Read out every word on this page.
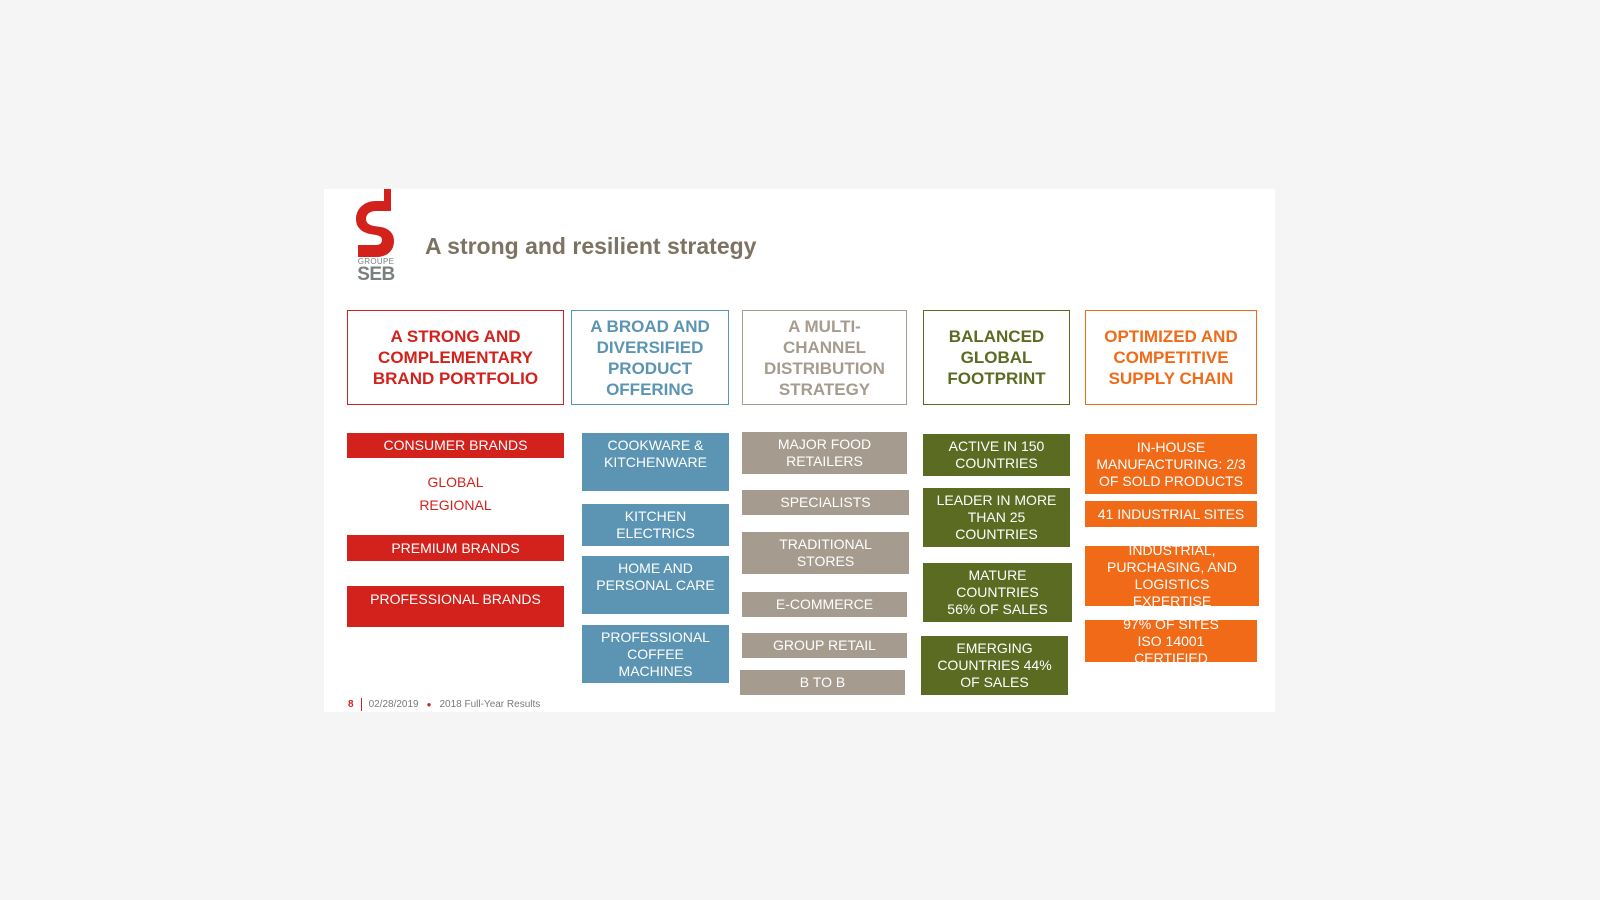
GROUPE
SEB
A strong and resilient strategy
A STRONG AND COMPLEMENTARY BRAND PORTFOLIO
CONSUMER BRANDS
GLOBAL
REGIONAL
PREMIUM BRANDS
PROFESSIONAL BRANDS
A BROAD AND DIVERSIFIED PRODUCT OFFERING
COOKWARE & KITCHENWARE
KITCHEN ELECTRICS
HOME AND PERSONAL CARE
PROFESSIONAL COFFEE MACHINES
A MULTI-CHANNEL DISTRIBUTION STRATEGY
MAJOR FOOD RETAILERS
SPECIALISTS
TRADITIONAL STORES
E-COMMERCE
GROUP RETAIL
B TO B
BALANCED GLOBAL FOOTPRINT
ACTIVE IN 150 COUNTRIES
LEADER IN MORE THAN 25 COUNTRIES
MATURE COUNTRIES 56% OF SALES
EMERGING COUNTRIES 44% OF SALES
OPTIMIZED AND COMPETITIVE SUPPLY CHAIN
IN-HOUSE MANUFACTURING: 2/3 OF SOLD PRODUCTS
41 INDUSTRIAL SITES
INDUSTRIAL, PURCHASING, AND LOGISTICS EXPERTISE
97% OF SITES ISO 14001 CERTIFIED
8 02/28/2019 ● 2018 Full-Year Results
